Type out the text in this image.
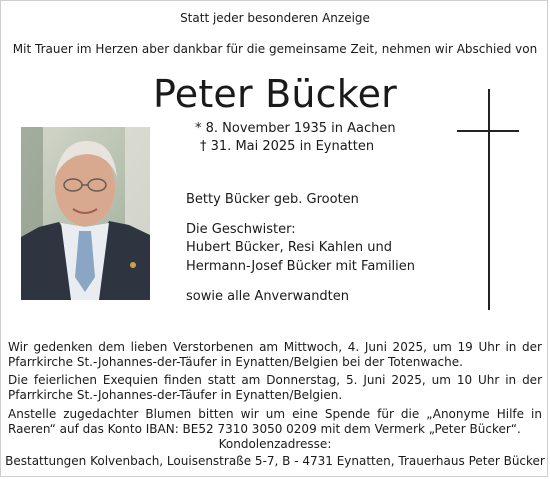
Statt jeder besonderen Anzeige
Mit Trauer im Herzen aber dankbar für die gemeinsame Zeit, nehmen wir Abschied von
Peter Bücker
* 8. November 1935 in Aachen
† 31. Mai 2025 in Eynatten
Betty Bücker geb. Grooten
Die Geschwister:
Hubert Bücker, Resi Kahlen und
Hermann-Josef Bücker mit Familien
sowie alle Anverwandten
Wir gedenken dem lieben Verstorbenen am Mittwoch, 4. Juni 2025, um 19 Uhr in der Pfarrkirche St.-Johannes-der-Täufer in Eynatten/Belgien bei der Totenwache.
Die feierlichen Exequien finden statt am Donnerstag, 5. Juni 2025, um 10 Uhr in der Pfarrkirche St.-Johannes-der-Täufer in Eynatten/Belgien.
Anstelle zugedachter Blumen bitten wir um eine Spende für die „Anonyme Hilfe in Raeren“ auf das Konto IBAN: BE52 7310 3050 0209 mit dem Vermerk „Peter Bücker“.
Kondolenzadresse:
Bestattungen Kolvenbach, Louisenstraße 5-7, B - 4731 Eynatten, Trauerhaus Peter Bücker
